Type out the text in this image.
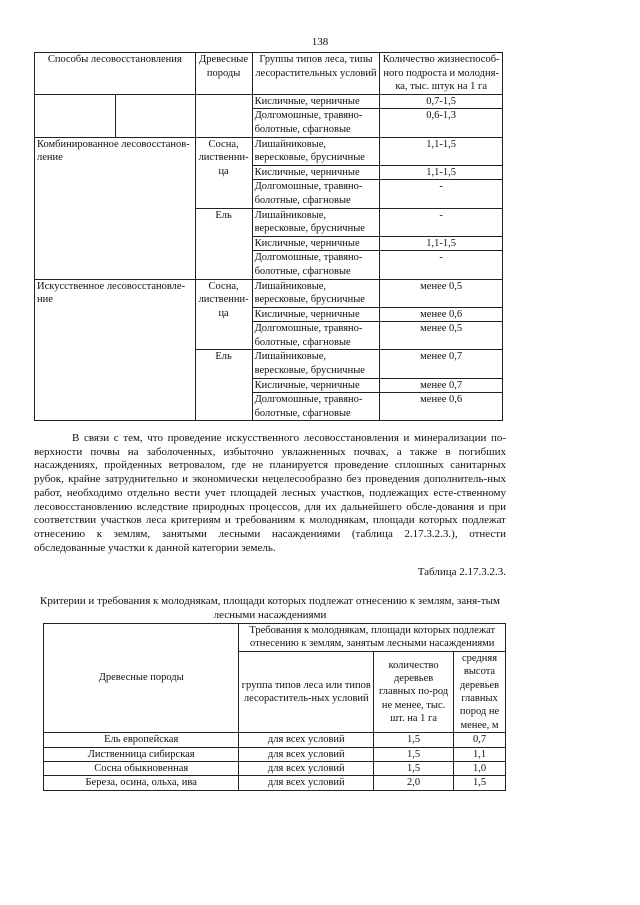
138
Способы лесовосстановления		Древесные породы	Группы типов леса, типы лесорастительных условий	Количество жизнеспособ-ного подроста и молодня-ка, тыс. штук на 1 га
			Кисличные, черничные	0,7-1,5
			Долгомошные, травяно-болотные, сфагновые	0,6-1,3
Комбинированное лесовосстанов-ление		Сосна, лиственни-ца	Лишайниковые, вересковые, брусничные	1,1-1,5
			Кисличные, черничные	1,1-1,5
			Долгомошные, травяно-болотные, сфагновые	-
		Ель	Лишайниковые, вересковые, брусничные	-
			Кисличные, черничные	1,1-1,5
			Долгомошные, травяно-болотные, сфагновые	-
Искусственное лесовосстановле-ние		Сосна, лиственни-ца	Лишайниковые, вересковые, брусничные	менее 0,5
			Кисличные, черничные	менее 0,6
			Долгомошные, травяно-болотные, сфагновые	менее 0,5
		Ель	Лишайниковые, вересковые, брусничные	менее 0,7
			Кисличные, черничные	менее 0,7
			Долгомошные, травяно-болотные, сфагновые	менее 0,6
В связи с тем, что проведение искусственного лесовосстановления и минерализации по-верхности почвы на заболоченных, избыточно увлажненных почвах, а также в погибших насаждениях, пройденных ветровалом, где не планируется проведение сплошных санитарных рубок, крайне затруднительно и экономически нецелесообразно без проведения дополнитель-ных работ, необходимо отдельно вести учет площадей лесных участков, подлежащих есте-ственному лесовосстановлению вследствие природных процессов, для их дальнейшего обсле-дования и при соответствии участков леса критериям и требованиям к молоднякам, площади которых подлежат отнесению к землям, занятыми лесными насаждениями (таблица 2.17.3.2.3.), отнести обследованные участки к данной категории земель.
Таблица 2.17.3.2.3.
Критерии и требования к молоднякам, площади которых подлежат отнесению к землям, заня-тым лесными насаждениями
Древесные породы	Требования к молоднякам, площади которых подлежат отнесению к землям, занятым лесными насаждениями		
	группа типов леса или типов лесораститель-ных условий	количество деревьев главных по-род не менее, тыс. шт. на 1 га	средняя высота деревьев главных пород не менее, м
Ель европейская	для всех условий	1,5	0,7
Лиственница сибирская	для всех условий	1,5	1,1
Сосна обыкновенная	для всех условий	1,5	1,0
Береза, осина, ольха, ива	для всех условий	2,0	1,5
